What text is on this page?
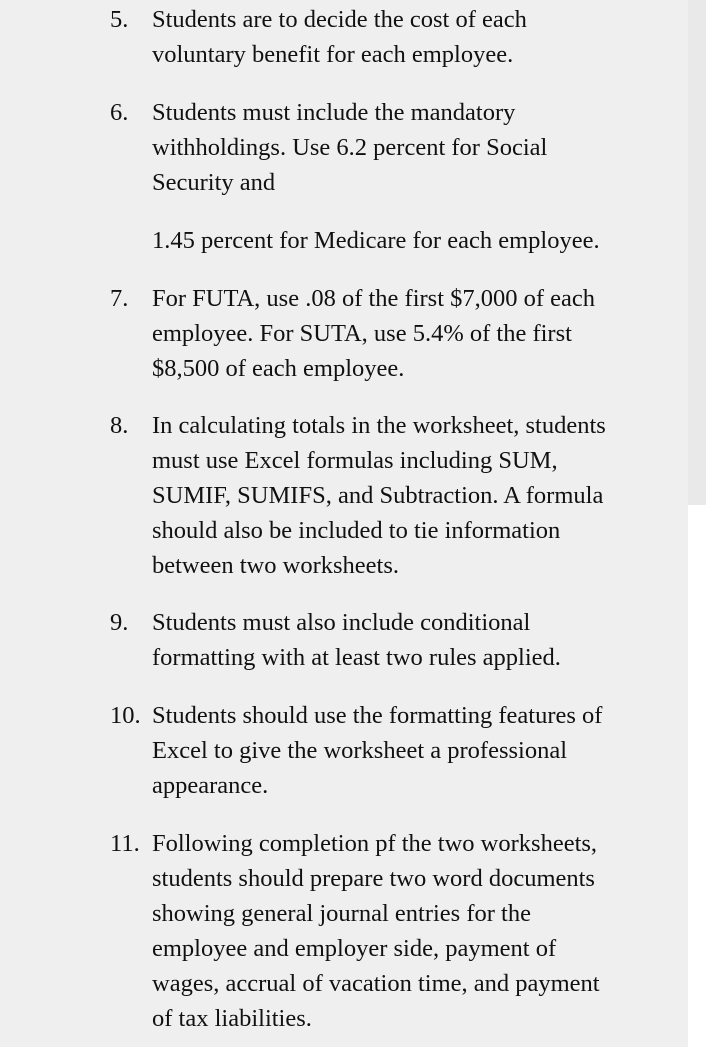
5. Students are to decide the cost of each
voluntary benefit for each employee.
6. Students must include the mandatory
withholdings. Use 6.2 percent for Social
Security and
1.45 percent for Medicare for each employee.
7. For FUTA, use .08 of the first $7,000 of each
employee. For SUTA, use 5.4% of the first
$8,500 of each employee.
8. In calculating totals in the worksheet, students
must use Excel formulas including SUM,
SUMIF, SUMIFS, and Subtraction. A formula
should also be included to tie information
between two worksheets.
9. Students must also include conditional
formatting with at least two rules applied.
10. Students should use the formatting features of
Excel to give the worksheet a professional
appearance.
11. Following completion pf the two worksheets,
students should prepare two word documents
showing general journal entries for the
employee and employer side, payment of
wages, accrual of vacation time, and payment
of tax liabilities.
